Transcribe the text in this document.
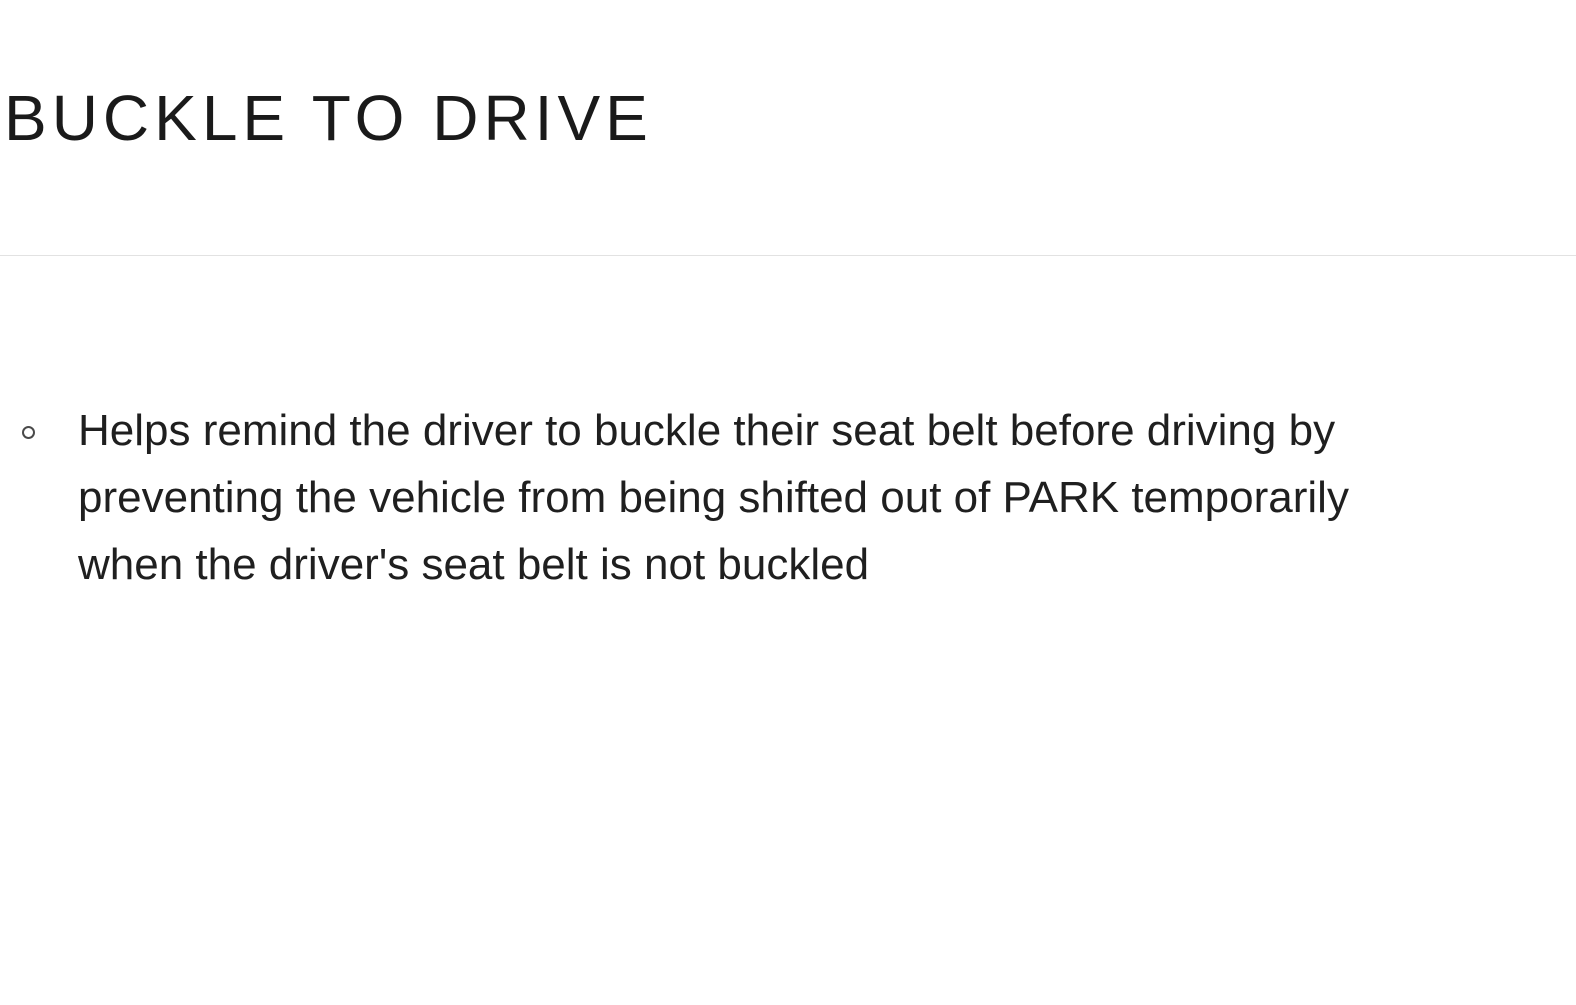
BUCKLE TO DRIVE
Helps remind the driver to buckle their seat belt before driving by preventing the vehicle from being shifted out of PARK temporarily when the driver's seat belt is not buckled
